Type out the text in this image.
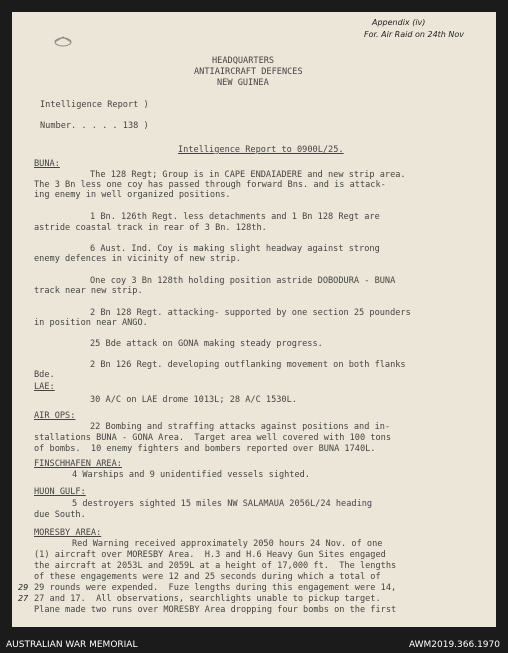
Appendix (iv)
For. Air Raid on 24th Nov
HEADQUARTERS
ANTIAIRCRAFT DEFENCES
NEW GUINEA
Intelligence Report )
Number. . . . . 138 )
Intelligence Report to 0900L/25.
BUNA:
The 128 Regt; Group is in CAPE ENDAIADERE and new strip area.
The 3 Bn less one coy has passed through forward Bns. and is attack-
ing enemy in well organized positions.
1 Bn. 126th Regt. less detachments and 1 Bn 128 Regt are
astride coastal track in rear of 3 Bn. 128th.
6 Aust. Ind. Coy is making slight headway against strong
enemy defences in vicinity of new strip.
One coy 3 Bn 128th holding position astride DOBODURA - BUNA
track near new strip.
2 Bn 128 Regt. attacking- supported by one section 25 pounders
in position near ANGO.
25 Bde attack on GONA making steady progress.
2 Bn 126 Regt. developing outflanking movement on both flanks
Bde.
LAE:
30 A/C on LAE drome 1013L; 28 A/C 1530L.
AIR OPS:
22 Bombing and straffing attacks against positions and in-
stallations BUNA - GONA Area.  Target area well covered with 100 tons
of bombs.  10 enemy fighters and bombers reported over BUNA 1740L.
FINSCHHAFEN AREA:
4 Warships and 9 unidentified vessels sighted.
HUON GULF:
5 destroyers sighted 15 miles NW SALAMAUA 2056L/24 heading
due South.
MORESBY AREA:
Red Warning received approximately 2050 hours 24 Nov. of one
(1) aircraft over MORESBY Area.  H.3 and H.6 Heavy Gun Sites engaged
the aircraft at 2053L and 2059L at a height of 17,000 ft.  The lengths
of these engagements were 12 and 25 seconds during which a total of
29 rounds were expended.  Fuze lengths during this engagement were 14,
27 and 17.  All observations, searchlights unable to pickup target.
Plane made two runs over MORESBY Area dropping four bombs on the first
29
27
AUSTRALIAN WAR MEMORIAL	AWM2019.366.1970
